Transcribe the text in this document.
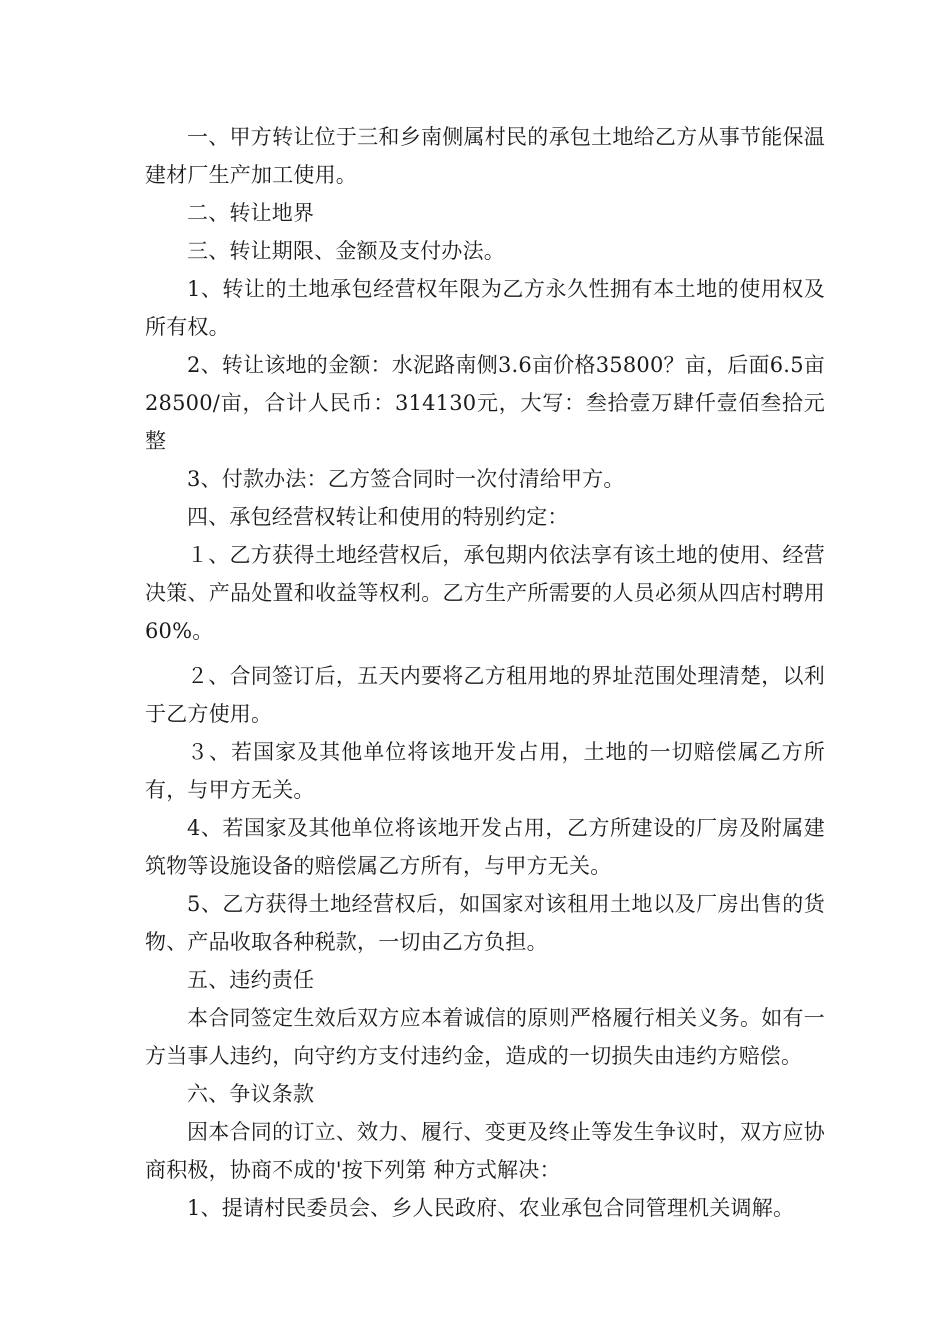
一、甲方转让位于三和乡南侧属村民的承包土地给乙方从事节能保温建材厂生产加工使用。

二、转让地界

三、转让期限、金额及支付办法。

1、转让的土地承包经营权年限为乙方永久性拥有本土地的使用权及所有权。

2、转让该地的金额：水泥路南侧3.6亩价格35800？亩，后面6.5亩28500/亩，合计人民币：314130元，大写：叁拾壹万肆仟壹佰叁拾元整

3、付款办法：乙方签合同时一次付清给甲方。

四、承包经营权转让和使用的特别约定：

１、乙方获得土地经营权后，承包期内依法享有该土地的使用、经营决策、产品处置和收益等权利。乙方生产所需要的人员必须从四店村聘用60%。

２、合同签订后，五天内要将乙方租用地的界址范围处理清楚，以利于乙方使用。

３、若国家及其他单位将该地开发占用，土地的一切赔偿属乙方所有，与甲方无关。

4、若国家及其他单位将该地开发占用，乙方所建设的厂房及附属建筑物等设施设备的赔偿属乙方所有，与甲方无关。

5、乙方获得土地经营权后，如国家对该租用土地以及厂房出售的货物、产品收取各种税款，一切由乙方负担。

五、违约责任

本合同签定生效后双方应本着诚信的原则严格履行相关义务。如有一方当事人违约，向守约方支付违约金，造成的一切损失由违约方赔偿。

六、争议条款

因本合同的订立、效力、履行、变更及终止等发生争议时，双方应协商积极，协商不成的'按下列第 种方式解决：

1、提请村民委员会、乡人民政府、农业承包合同管理机关调解。
